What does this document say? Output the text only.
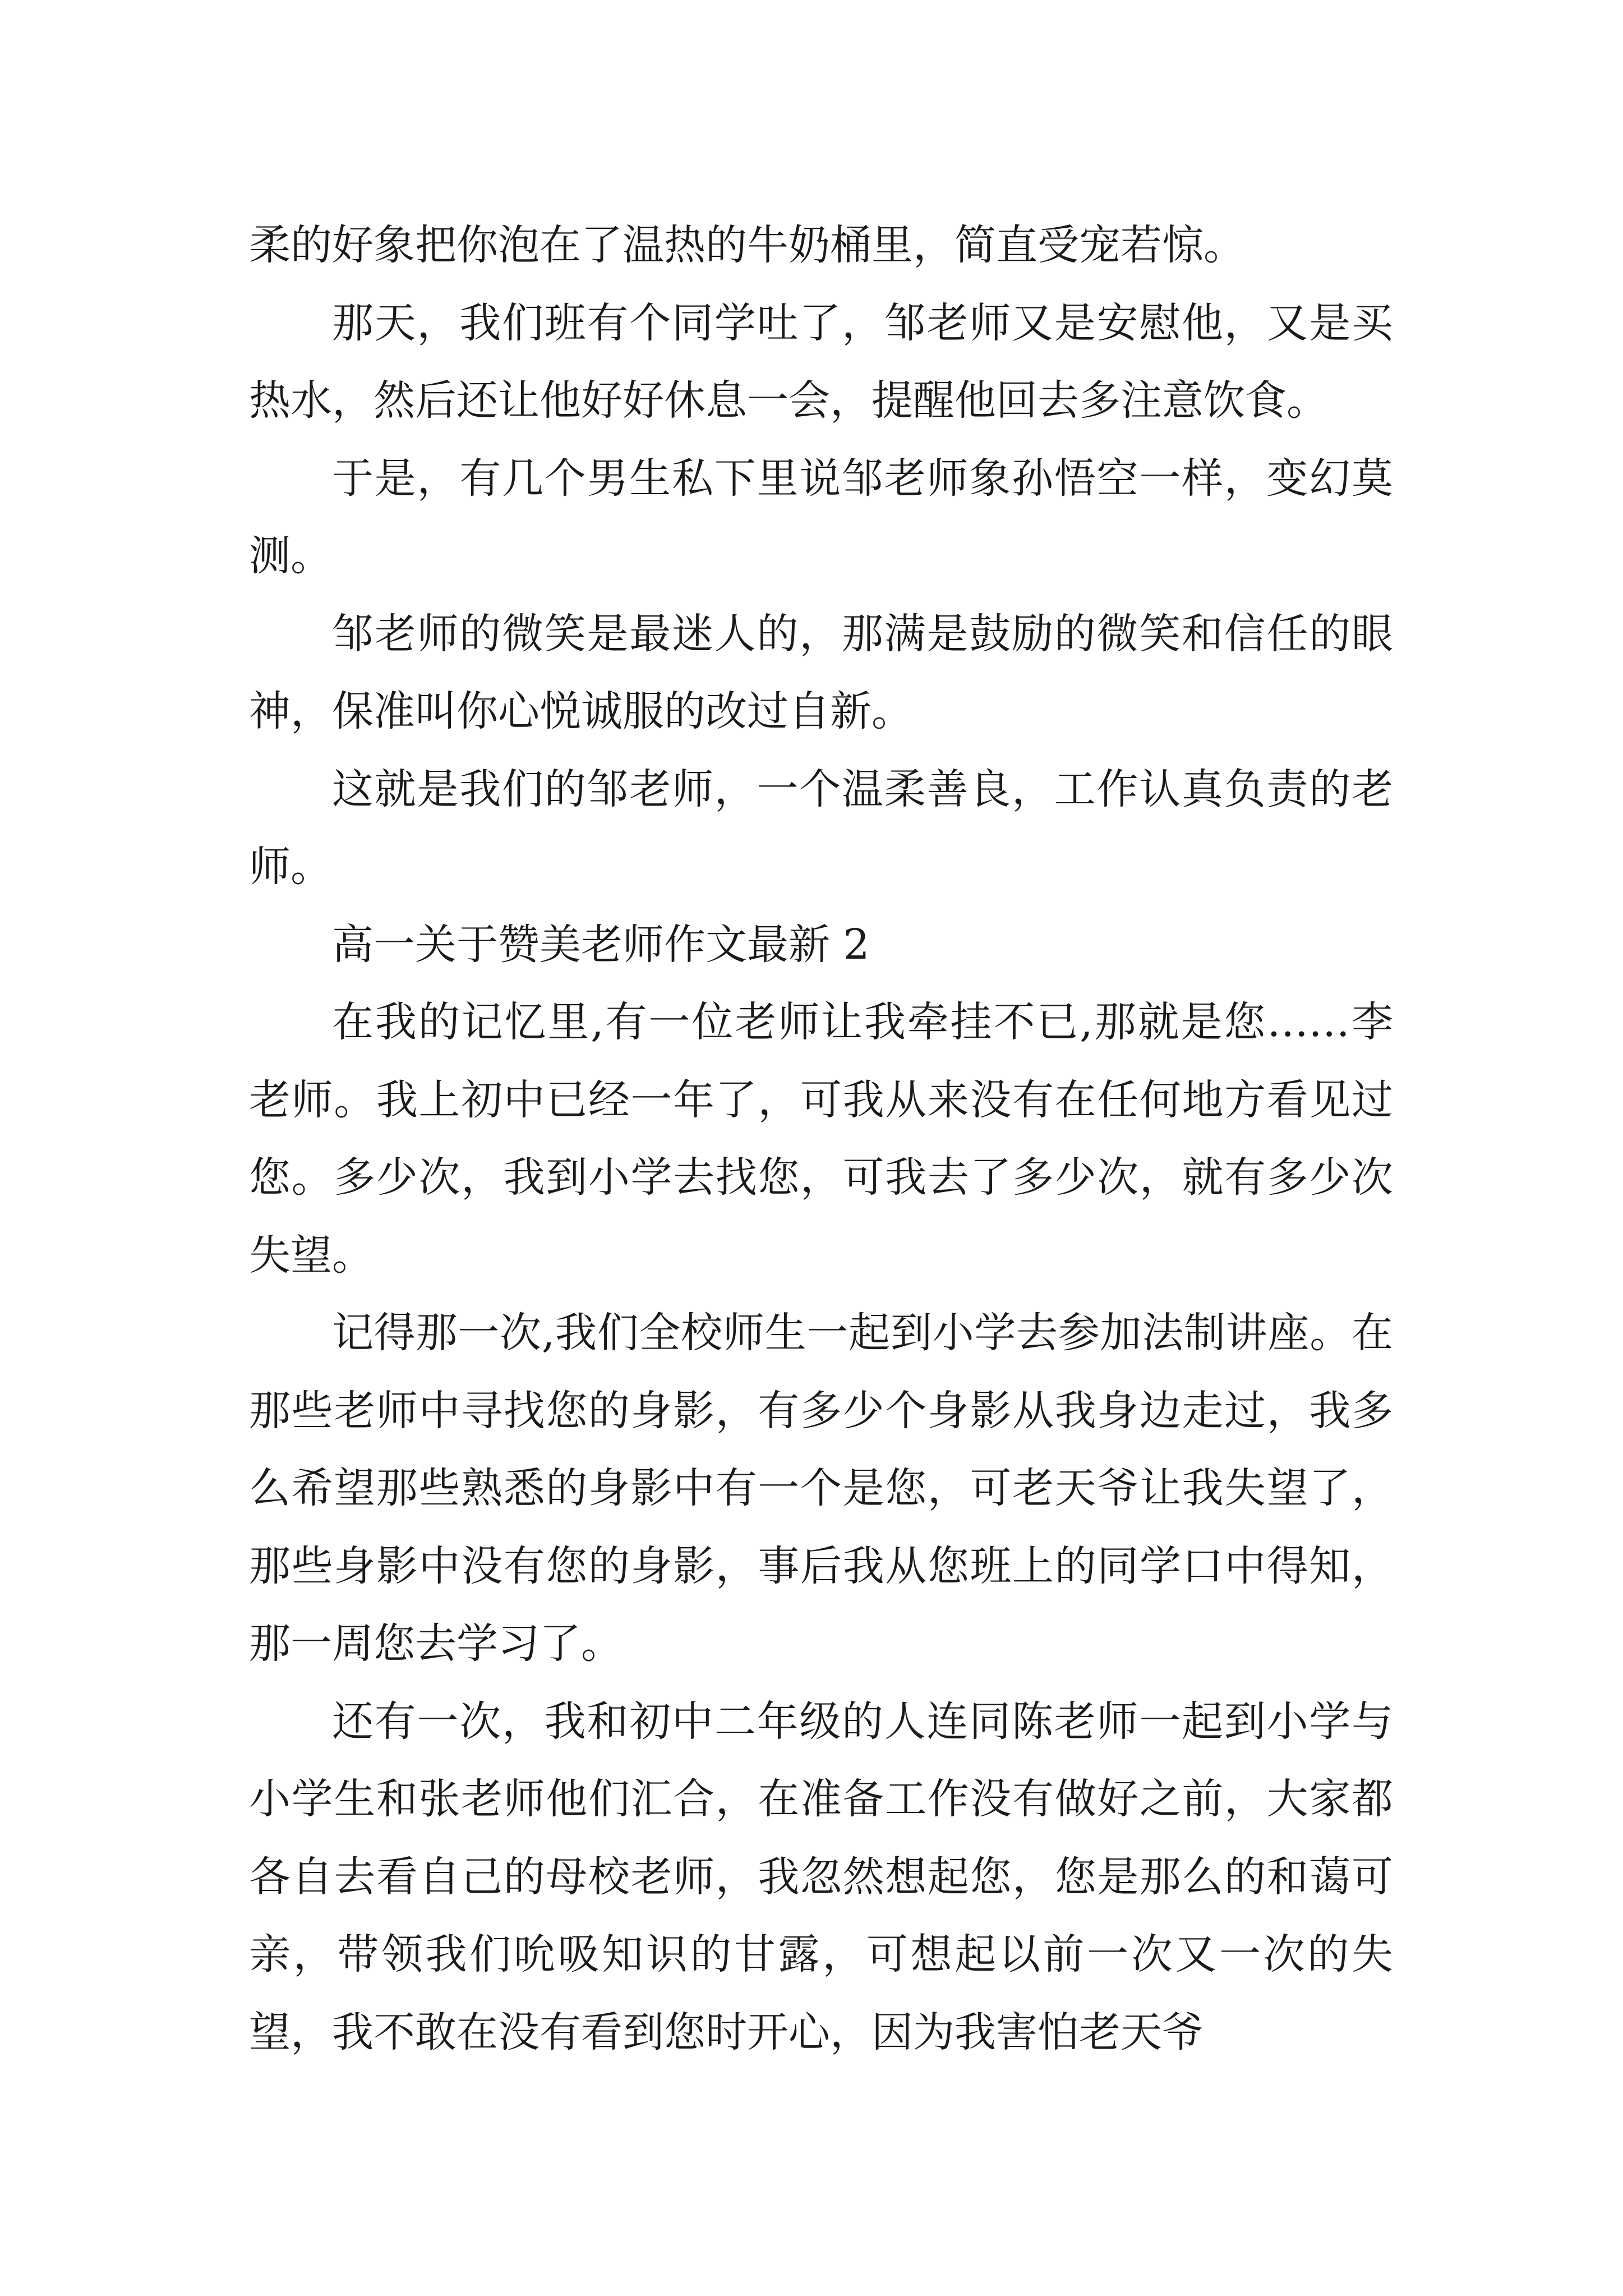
柔的好象把你泡在了温热的牛奶桶里，简直受宠若惊。

那天，我们班有个同学吐了，邹老师又是安慰他，又是买热水，然后还让他好好休息一会，提醒他回去多注意饮食。

于是，有几个男生私下里说邹老师象孙悟空一样，变幻莫测。

邹老师的微笑是最迷人的，那满是鼓励的微笑和信任的眼神，保准叫你心悦诚服的改过自新。

这就是我们的邹老师，一个温柔善良，工作认真负责的老师。

高一关于赞美老师作文最新 2

在我的记忆里,有一位老师让我牵挂不已,那就是您……李老师。我上初中已经一年了，可我从来没有在任何地方看见过您。多少次，我到小学去找您，可我去了多少次，就有多少次失望。

记得那一次,我们全校师生一起到小学去参加法制讲座。在那些老师中寻找您的身影，有多少个身影从我身边走过，我多么希望那些熟悉的身影中有一个是您，可老天爷让我失望了，那些身影中没有您的身影，事后我从您班上的同学口中得知，那一周您去学习了。

还有一次，我和初中二年级的人连同陈老师一起到小学与小学生和张老师他们汇合，在准备工作没有做好之前，大家都各自去看自己的母校老师，我忽然想起您，您是那么的和蔼可亲，带领我们吮吸知识的甘露，可想起以前一次又一次的失望，我不敢在没有看到您时开心，因为我害怕老天爷
